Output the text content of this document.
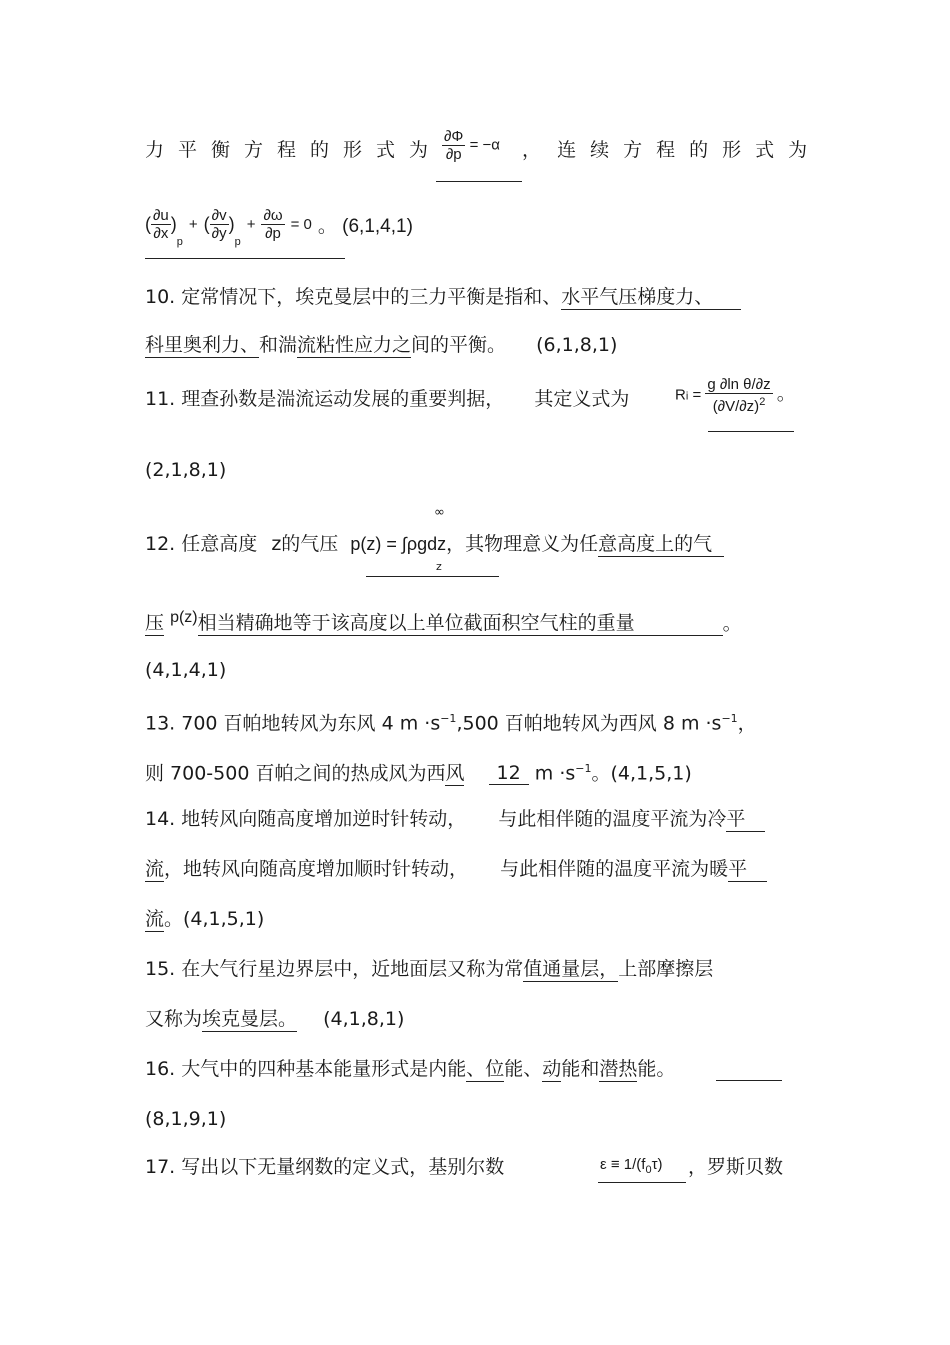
力平衡方程的形式为 $\frac{\partial\Phi}{\partial p} = -\alpha$ ， 连续方程的形式为
( $\frac{\partial u}{\partial x}$ )
p
+ ( $\frac{\partial v}{\partial y}$ )
p
+ $\frac{\partial\omega}{\partial p} = 0$ 。 (6,1,4,1)
10. 定常情况下，埃克曼层中的三力平衡是指和、水平气压梯度力、
科里奥利力、和湍流粘性应力之间的平衡。 (6,1,8,1)
11. 理查孙数是湍流运动发展的重要判据， 其定义式为	$Ri = \frac{\text{g ∂ln θ/∂z}}{(\partial V/\partial z)^2}$ 。
(2,1,8,1)
∞
12. 任意高度 z的气压 p(z) = ∫ρgdz，其物理意义为任意高度上的气
z
压 $^{p(z)}$相当精确地等于该高度以上单位截面积空气柱的重量	。
(4,1,4,1)
13. 700 百帕地转风为东风 4 $m \cdot s^{-1},500$ 百帕地转风为西风 8 $m \cdot s^{-1}$，
则 700-500 百帕之间的热成风为西风 12 $m \cdot s^{-1}$。(4,1,5,1)
14. 地转风向随高度增加逆时针转动， 与此相伴随的温度平流为冷平
流，地转风向随高度增加顺时针转动， 与此相伴随的温度平流为暖平
流。(4,1,5,1)
15. 在大气行星边界层中，近地面层又称为常值通量层，上部摩擦层
又称为埃克曼层。 (4,1,8,1)
16. 大气中的四种基本能量形式是内能、位能、动能和潜热能。
(8,1,9,1)
17. 写出以下无量纲数的定义式，基别尔数	$\varepsilon \equiv 1/(f_0\tau)$ ，罗斯贝数
